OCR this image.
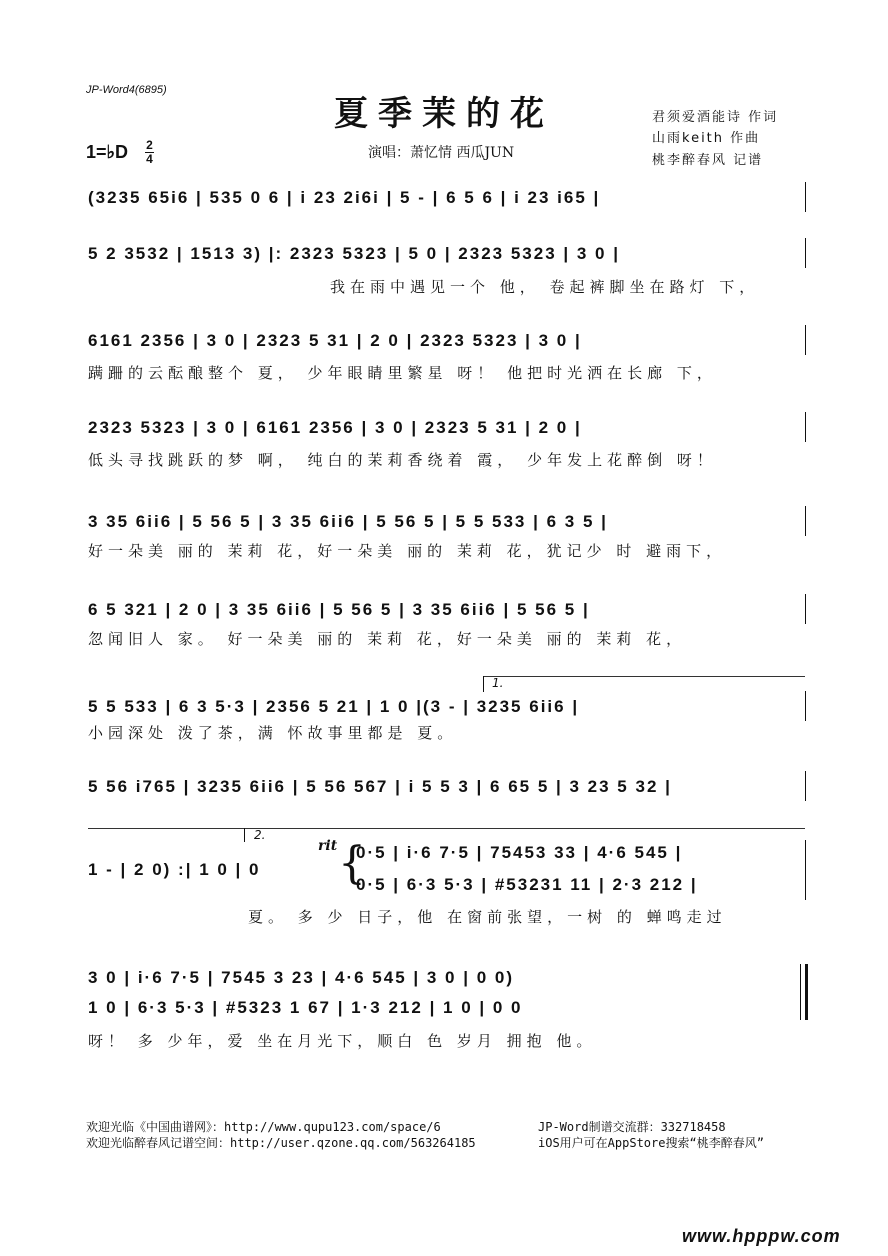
JP-Word4(6895)
夏季茉的花
演唱：萧忆情 西瓜JUN
君须爱酒能诗 作词
山雨keith 作曲
桃李醉春风 记谱
1=♭D 2
4
(3235 65i6 | 535 0 6 | i 23 2i6i | 5 - | 6 5 6 | i 23 i65 |
5 2 3532 | 1513 3) |: 2323 5323 | 5 0 | 2323 5323 | 3 0 |
我在雨中遇见一个 他， 卷起裤脚坐在路灯 下，
6161 2356 | 3 0 | 2323 5 31 | 2 0 | 2323 5323 | 3 0 |
蹒跚的云酝酿整个 夏， 少年眼睛里繁星 呀！ 他把时光洒在长廊 下，
2323 5323 | 3 0 | 6161 2356 | 3 0 | 2323 5 31 | 2 0 |
低头寻找跳跃的梦 啊， 纯白的茉莉香绕着 霞， 少年发上花醉倒 呀！
3 35 6ii6 | 5 56 5 | 3 35 6ii6 | 5 56 5 | 5 5 533 | 6 3 5 |
好一朵美 丽的 茉莉 花，好一朵美 丽的 茉莉 花，犹记少 时 避雨下，
6 5 321 | 2 0 | 3 35 6ii6 | 5 56 5 | 3 35 6ii6 | 5 56 5 |
忽闻旧人 家。 好一朵美 丽的 茉莉 花，好一朵美 丽的 茉莉 花，
1.
5 5 533 | 6 3 5·3 | 2356 5 21 | 1 0 |(3 - | 3235 6ii6 |
小园深处 泼了茶，满 怀故事里都是 夏。
5 56 i765 | 3235 6ii6 | 5 56 567 | i 5 5 3 | 6 65 5 | 3 23 5 32 |
2.
rit
1 - | 2 0) :| 1 0 | 0 {
0·5 | i·6 7·5 | 75453 33 | 4·6 545 |
0·5 | 6·3 5·3 | #53231 11 | 2·3 212 |
夏。 多 少 日子，他 在窗前张望，一树 的 蝉鸣走过
3 0 | i·6 7·5 | 7545 3 23 | 4·6 545 | 3 0 | 0 0)
1 0 | 6·3 5·3 | #5323 1 67 | 1·3 212 | 1 0 | 0 0
呀！ 多 少年，爱 坐在月光下，顺白 色 岁月 拥抱 他。
欢迎光临《中国曲谱网》：http://www.qupu123.com/space/6
欢迎光临醉春风记谱空间：http://user.qzone.qq.com/563264185
JP-Word制谱交流群：332718458
iOS用户可在AppStore搜索“桃李醉春风”
www.hpppw.com
